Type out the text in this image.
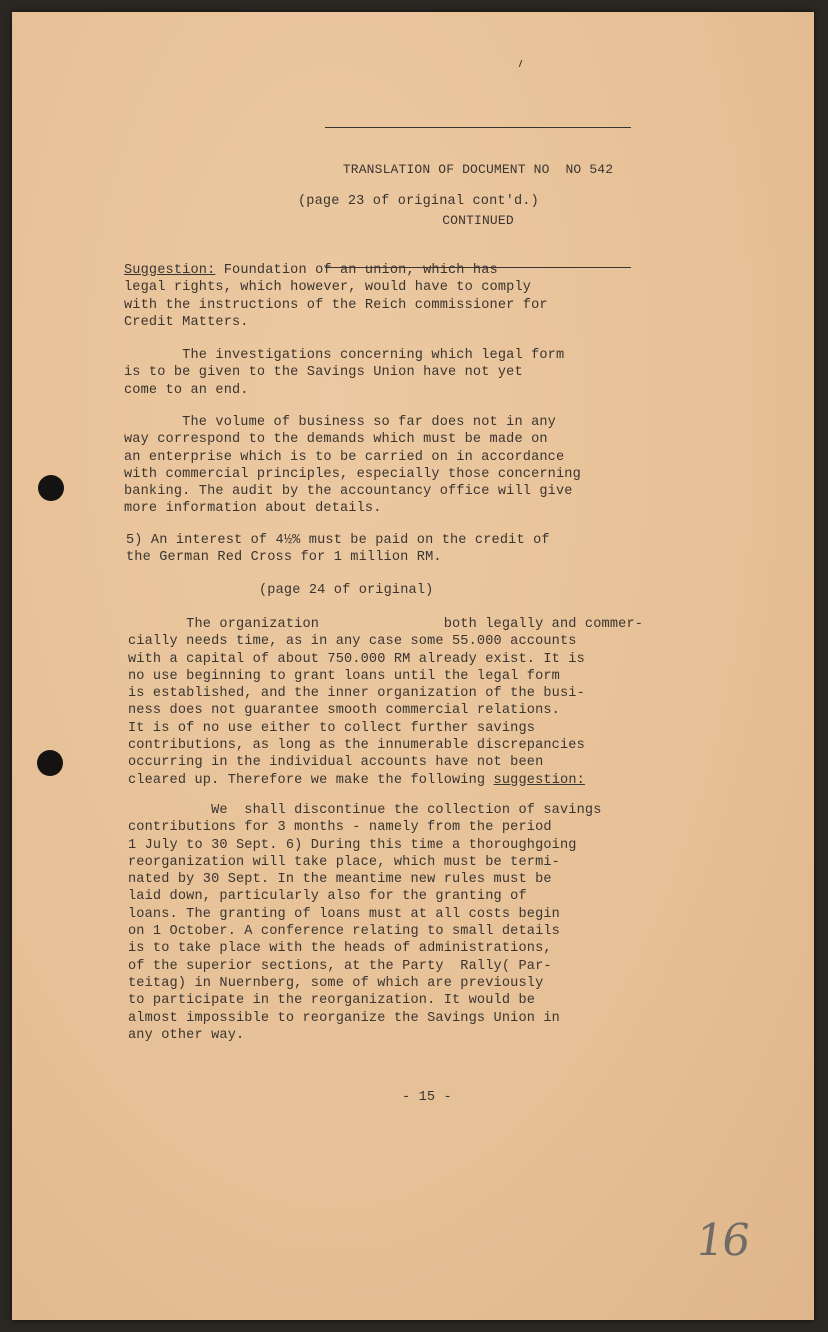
TRANSLATION OF DOCUMENT NO  NO 542

CONTINUED

(page 23 of original cont'd.)
Suggestion: Foundation of an union, which has
legal rights, which however, would have to comply
with the instructions of the Reich commissioner for
Credit Matters.
The investigations concerning which legal form
is to be given to the Savings Union have not yet
come to an end.
The volume of business so far does not in any
way correspond to the demands which must be made on
an enterprise which is to be carried on in accordance
with commercial principles, especially those concerning
banking. The audit by the accountancy office will give
more information about details.
5) An interest of 4½% must be paid on the credit of
the German Red Cross for 1 million RM.
(page 24 of original)
The organization               both legally and commer-
cially needs time, as in any case some 55.000 accounts
with a capital of about 750.000 RM already exist. It is
no use beginning to grant loans until the legal form
is established, and the inner organization of the busi-
ness does not guarantee smooth commercial relations.
It is of no use either to collect further savings
contributions, as long as the innumerable discrepancies
occurring in the individual accounts have not been
cleared up. Therefore we make the following suggestion:
We  shall discontinue the collection of savings
contributions for 3 months - namely from the period
1 July to 30 Sept. 6) During this time a thoroughgoing
reorganization will take place, which must be termi-
nated by 30 Sept. In the meantime new rules must be
laid down, particularly also for the granting of
loans. The granting of loans must at all costs begin
on 1 October. A conference relating to small details
is to take place with the heads of administrations,
of the superior sections, at the Party  Rally( Par-
teitag) in Nuernberg, some of which are previously
to participate in the reorganization. It would be
almost impossible to reorganize the Savings Union in
any other way.
- 15 -
16
